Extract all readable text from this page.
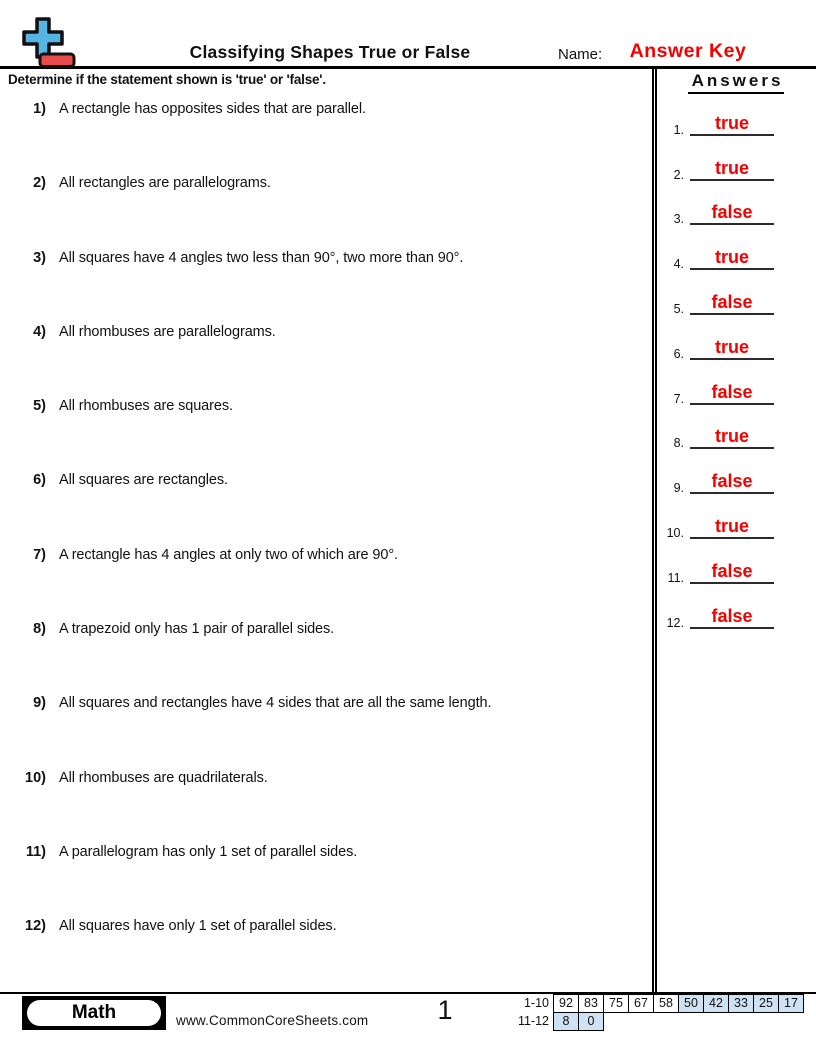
Classifying Shapes True or False	Name:	Answer Key
Determine if the statement shown is 'true' or 'false'.	Answers
1.	true
2.	true
3.	false
4.	true
5.	false
6.	true
7.	false
8.	true
9.	false
10.	true
11.	false
12.	false
1) A rectangle has opposites sides that are parallel.
2) All rectangles are parallelograms.
3) All squares have 4 angles two less than 90°, two more than 90°.
4) All rhombuses are parallelograms.
5) All rhombuses are squares.
6) All squares are rectangles.
7) A rectangle has 4 angles at only two of which are 90°.
8) A trapezoid only has 1 pair of parallel sides.
9) All squares and rectangles have 4 sides that are all the same length.
10) All rhombuses are quadrilaterals.
11) A parallelogram has only 1 set of parallel sides.
12) All squares have only 1 set of parallel sides.
Math	www.CommonCoreSheets.com	1	1-10 92 83 75 67 58 50 42 33 25 17
11-12	8	0
